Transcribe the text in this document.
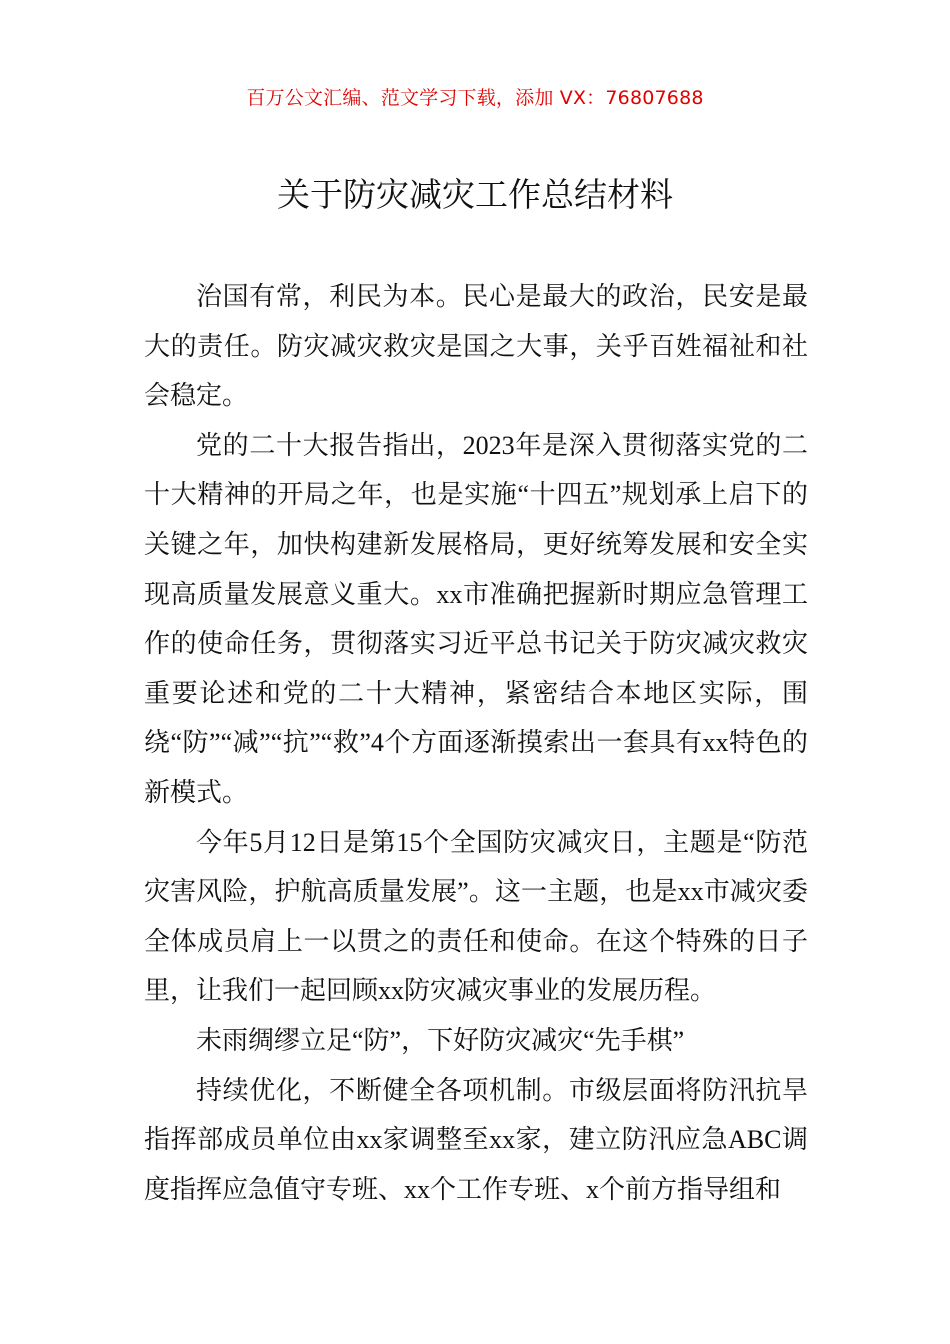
百万公文汇编、范文学习下载，添加 VX：76807688
关于防灾减灾工作总结材料

治国有常，利民为本。民心是最大的政治，民安是最大的责任。防灾减灾救灾是国之大事，关乎百姓福祉和社会稳定。

党的二十大报告指出，2023年是深入贯彻落实党的二十大精神的开局之年，也是实施“十四五”规划承上启下的关键之年，加快构建新发展格局，更好统筹发展和安全实现高质量发展意义重大。xx市准确把握新时期应急管理工作的使命任务，贯彻落实习近平总书记关于防灾减灾救灾重要论述和党的二十大精神，紧密结合本地区实际，围绕“防”“减”“抗”“救”4个方面逐渐摸索出一套具有xx特色的新模式。

今年5月12日是第15个全国防灾减灾日，主题是“防范灾害风险，护航高质量发展”。这一主题，也是xx市减灾委全体成员肩上一以贯之的责任和使命。在这个特殊的日子里，让我们一起回顾xx防灾减灾事业的发展历程。

未雨绸缪立足“防”，下好防灾减灾“先手棋”

持续优化，不断健全各项机制。市级层面将防汛抗旱指挥部成员单位由xx家调整至xx家，建立防汛应急ABC调度指挥应急值守专班、xx个工作专班、x个前方指导组和
